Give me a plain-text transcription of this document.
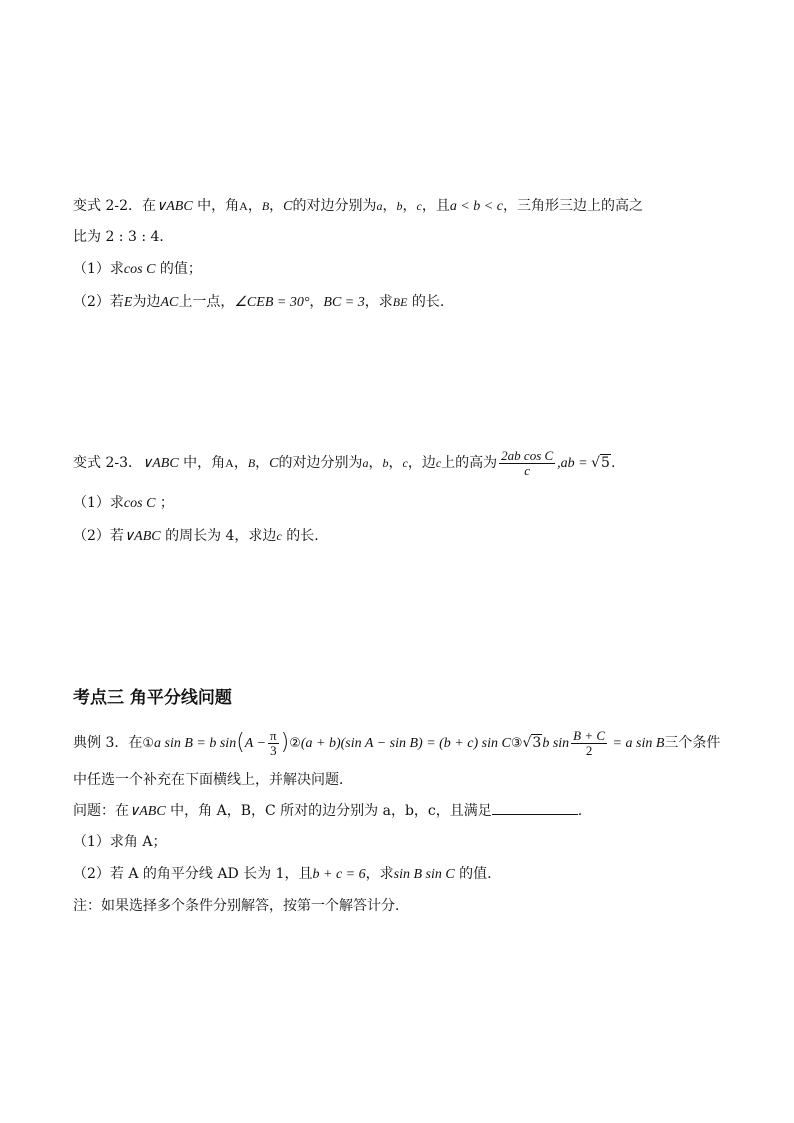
变式 2-2．在∨ABC 中，角A，B，C的对边分别为a，b，c，且a < b < c，三角形三边上的高之
比为 2 : 3 : 4．
（1）求cos C 的值；
（2）若E为边AC上一点，∠CEB = 30°，BC = 3，求BE 的长.
变式 2-3．∨ABC 中，角A，B，C的对边分别为a，b，c，边c上的高为 $\frac{\text{2ab cos C}}{c} ,ab = √5$.
（1）求cos C ；
（2）若∨ABC 的周长为 4，求边c 的长.
考点三 角平分线问题
典例 3．在①a sin B = b $\sin(A - \frac{\pi}{3}$ )②(a + b)(sin A − sin B) = (b + c) sin C③√3b $\sin \frac{B + C}{2} = a$ sin B三个条件
中任选一个补充在下面横线上，并解决问题．
问题：在∨ABC 中，角 A，B，C 所对的边分别为 a，b，c，且满足	.
（1）求角 A；
（2）若 A 的角平分线 AD 长为 1，且b + c = 6，求sin B sin C 的值.
注：如果选择多个条件分别解答，按第一个解答计分．
